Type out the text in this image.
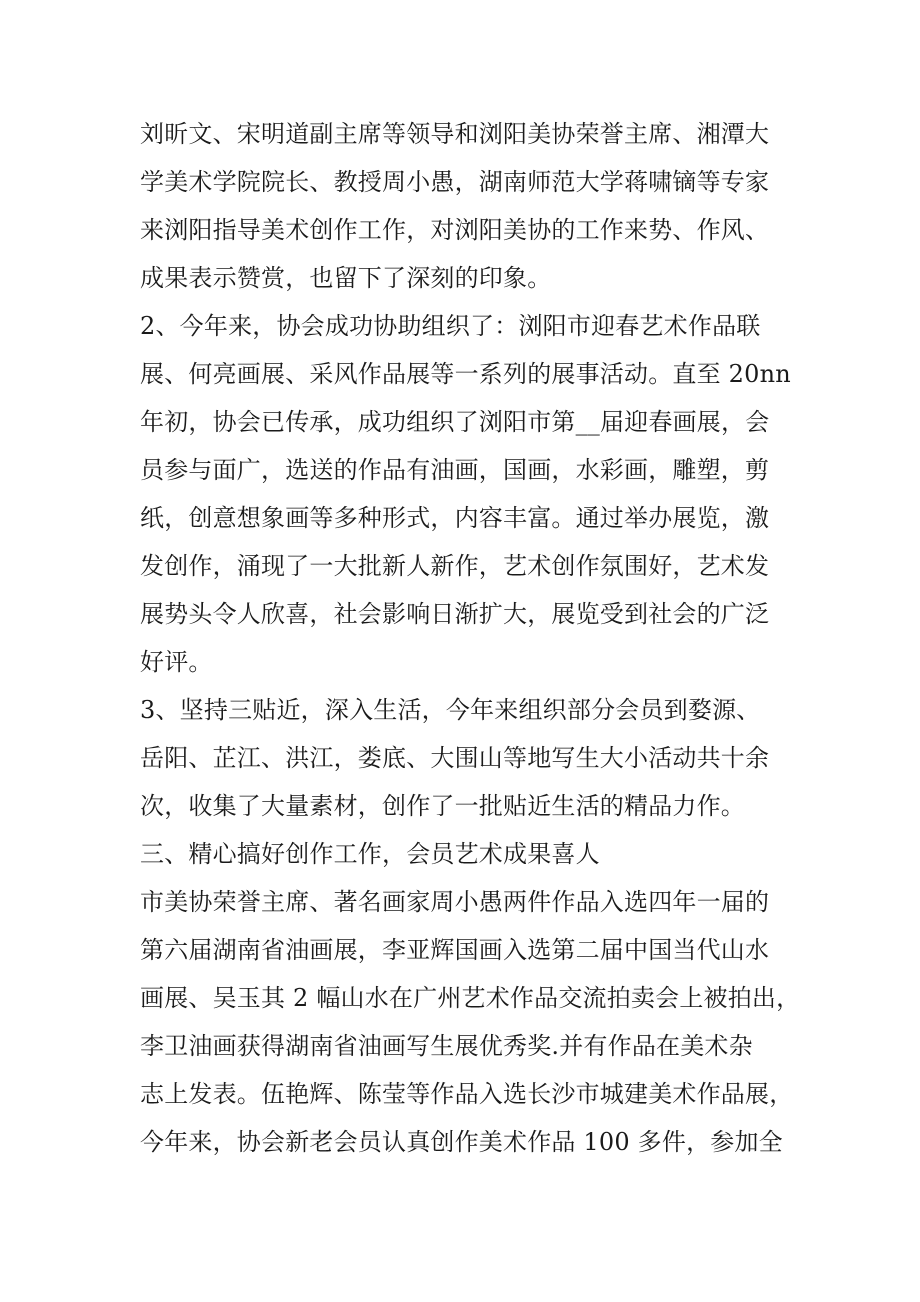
刘昕文、宋明道副主席等领导和浏阳美协荣誉主席、湘潭大
学美术学院院长、教授周小愚，湖南师范大学蒋啸镝等专家
来浏阳指导美术创作工作，对浏阳美协的工作来势、作风、
成果表示赞赏，也留下了深刻的印象。
2、今年来，协会成功协助组织了：浏阳市迎春艺术作品联
展、何亮画展、采风作品展等一系列的展事活动。直至 20nn
年初，协会已传承，成功组织了浏阳市第__届迎春画展，会
员参与面广，选送的作品有油画，国画，水彩画，雕塑，剪
纸，创意想象画等多种形式，内容丰富。通过举办展览，激
发创作，涌现了一大批新人新作，艺术创作氛围好，艺术发
展势头令人欣喜，社会影响日渐扩大，展览受到社会的广泛
好评。
3、坚持三贴近，深入生活，今年来组织部分会员到婺源、
岳阳、芷江、洪江，娄底、大围山等地写生大小活动共十余
次，收集了大量素材，创作了一批贴近生活的精品力作。
三、精心搞好创作工作，会员艺术成果喜人
市美协荣誉主席、著名画家周小愚两件作品入选四年一届的
第六届湖南省油画展，李亚辉国画入选第二届中国当代山水
画展、吴玉其 2 幅山水在广州艺术作品交流拍卖会上被拍出，
李卫油画获得湖南省油画写生展优秀奖.并有作品在美术杂
志上发表。伍艳辉、陈莹等作品入选长沙市城建美术作品展，
今年来，协会新老会员认真创作美术作品 100 多件，参加全
